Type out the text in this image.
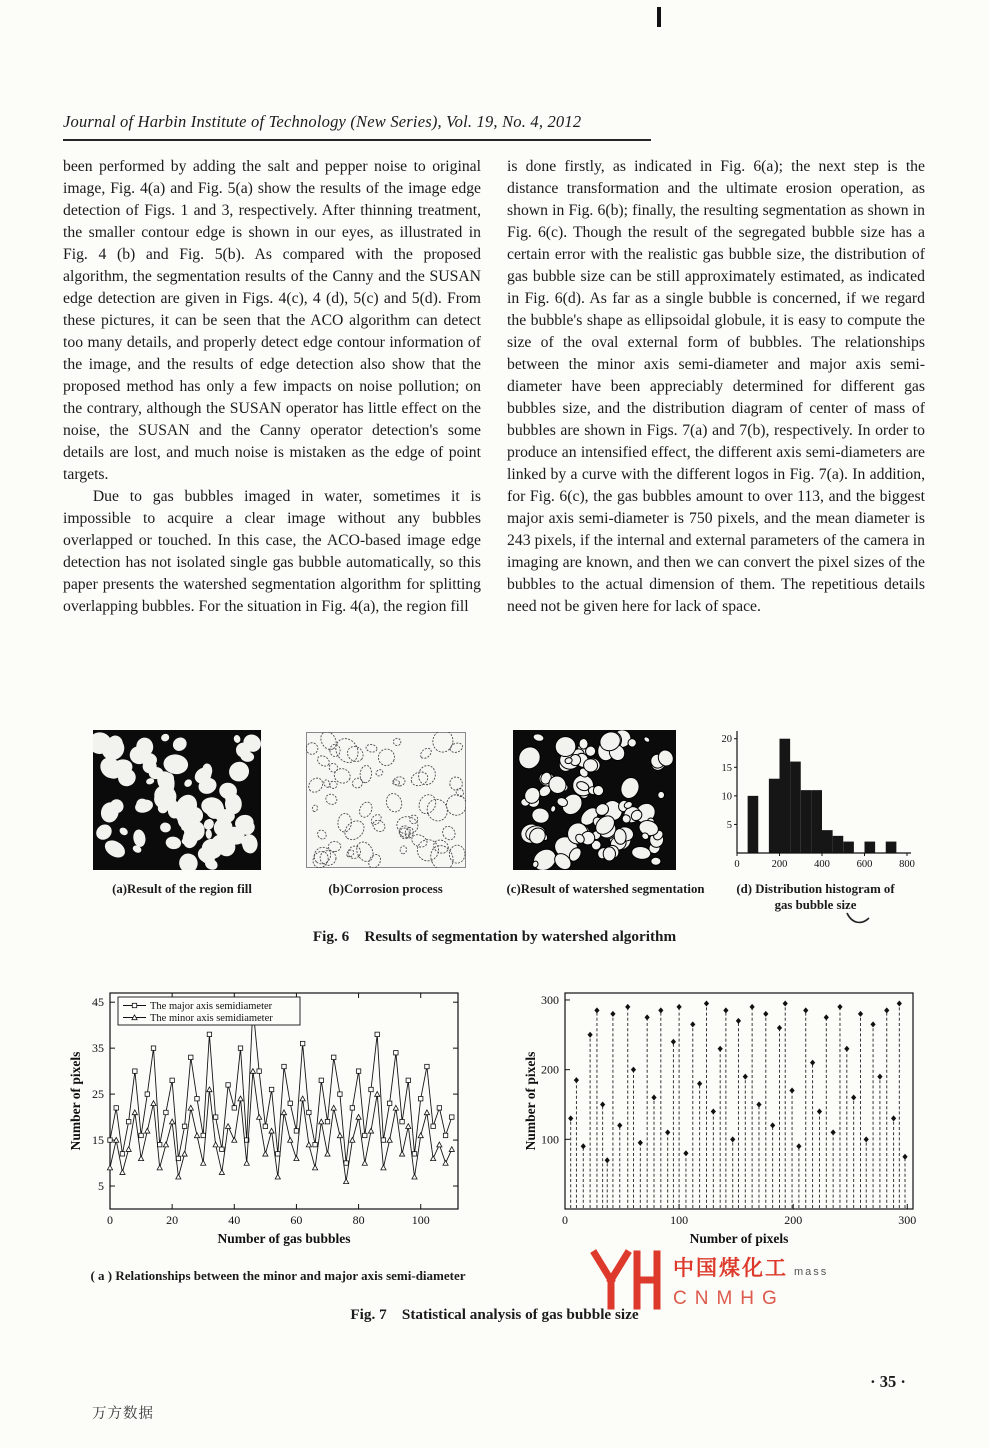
Journal of Harbin Institute of Technology (New Series), Vol. 19, No. 4, 2012

been performed by adding the salt and pepper noise to original image, Fig. 4(a) and Fig. 5(a) show the results of the image edge detection of Figs. 1 and 3, respectively. After thinning treatment, the smaller contour edge is shown in our eyes, as illustrated in Fig. 4 (b) and Fig. 5(b). As compared with the proposed algorithm, the segmentation results of the Canny and the SUSAN edge detection are given in Figs. 4(c), 4 (d), 5(c) and 5(d). From these pictures, it can be seen that the ACO algorithm can detect too many details, and properly detect edge contour information of the image, and the results of edge detection also show that the proposed method has only a few impacts on noise pollution; on the contrary, although the SUSAN operator has little effect on the noise, the SUSAN and the Canny operator detection's some details are lost, and much noise is mistaken as the edge of point targets.

Due to gas bubbles imaged in water, sometimes it is impossible to acquire a clear image without any bubbles overlapped or touched. In this case, the ACO-based image edge detection has not isolated single gas bubble automatically, so this paper presents the watershed segmentation algorithm for splitting overlapping bubbles. For the situation in Fig. 4(a), the region fill

is done firstly, as indicated in Fig. 6(a); the next step is the distance transformation and the ultimate erosion operation, as shown in Fig. 6(b); finally, the resulting segmentation as shown in Fig. 6(c). Though the result of the segregated bubble size has a certain error with the realistic gas bubble size, the distribution of gas bubble size can be still approximately estimated, as indicated in Fig. 6(d). As far as a single bubble is concerned, if we regard the bubble's shape as ellipsoidal globule, it is easy to compute the size of the oval external form of bubbles. The relationships between the minor axis semi-diameter and major axis semi-diameter have been appreciably determined for different gas bubbles size, and the distribution diagram of center of mass of bubbles are shown in Figs. 7(a) and 7(b), respectively. In order to produce an intensified effect, the different axis semi-diameters are linked by a curve with the different logos in Fig. 7(a). In addition, for Fig. 6(c), the gas bubbles amount to over 113, and the biggest major axis semi-diameter is 750 pixels, and the mean diameter is 243 pixels, if the internal and external parameters of the camera in imaging are known, and then we can convert the pixel sizes of the bubbles to the actual dimension of them. The repetitious details need not be given here for lack of space.

5
10
15
20
0	200	400	600	800
(a)Result of the region fill	(b)Corrosion process	(c)Result of watershed segmentation	(d) Distribution histogram of
gas bubble size
Fig. 6 Results of segmentation by watershed algorithm
0	20	40	60	80	100
5
15
25
35
45	The major axis semidiameter
The minor axis semidiameter
Number of gas bubbles
Number of pixels
0	100	200	300
100
200
300
Number of pixels
Number of pixels
( a ) Relationships between the minor and major axis semi-diameter
Fig. 7 Statistical analysis of gas bubble size
中国煤化工 mass
CNMHG
· 35 ·
万方数据
